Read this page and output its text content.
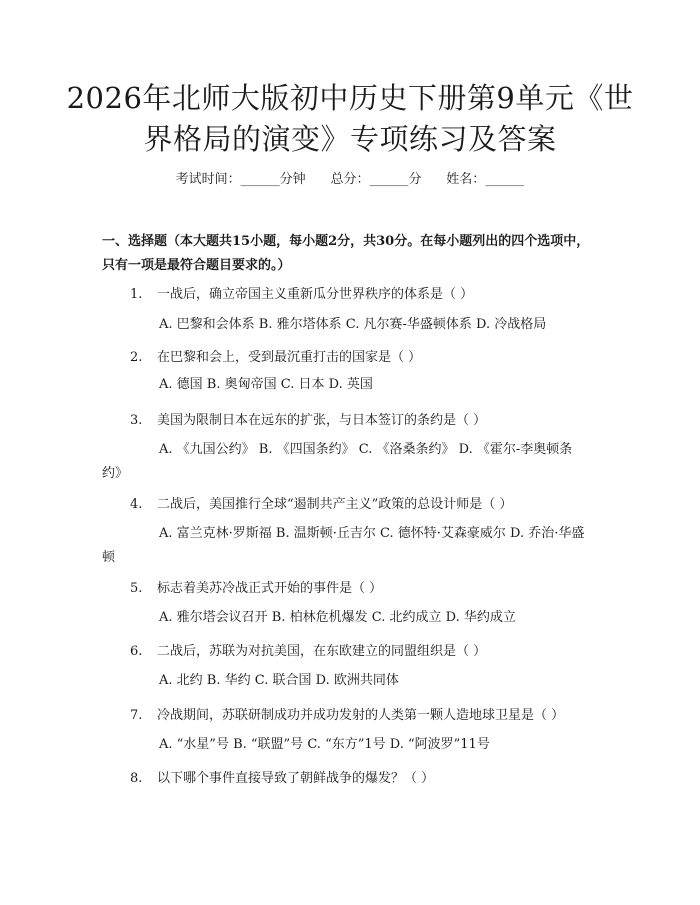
2026年北师大版初中历史下册第9单元《世界格局的演变》专项练习及答案
考试时间：______分钟 总分：______分 姓名：______
一、选择题（本大题共15小题，每小题2分，共30分。在每小题列出的四个选项中，只有一项是最符合题目要求的。）
1. 一战后，确立帝国主义重新瓜分世界秩序的体系是（ ）
A. 巴黎和会体系 B. 雅尔塔体系 C. 凡尔赛-华盛顿体系 D. 冷战格局
2. 在巴黎和会上，受到最沉重打击的国家是（ ）
A. 德国 B. 奥匈帝国 C. 日本 D. 英国
3. 美国为限制日本在远东的扩张，与日本签订的条约是（ ）
A. 《九国公约》 B. 《四国条约》 C. 《洛桑条约》 D. 《霍尔-李奥顿条约》
4. 二战后，美国推行全球“遏制共产主义”政策的总设计师是（ ）
A. 富兰克林·罗斯福 B. 温斯顿·丘吉尔 C. 德怀特·艾森豪威尔 D. 乔治·华盛顿
5. 标志着美苏冷战正式开始的事件是（ ）
A. 雅尔塔会议召开 B. 柏林危机爆发 C. 北约成立 D. 华约成立
6. 二战后，苏联为对抗美国，在东欧建立的同盟组织是（ ）
A. 北约 B. 华约 C. 联合国 D. 欧洲共同体
7. 冷战期间，苏联研制成功并成功发射的人类第一颗人造地球卫星是（ ）
A. “水星”号 B. “联盟”号 C. “东方”1号 D. “阿波罗”11号
8. 以下哪个事件直接导致了朝鲜战争的爆发？（ ）
